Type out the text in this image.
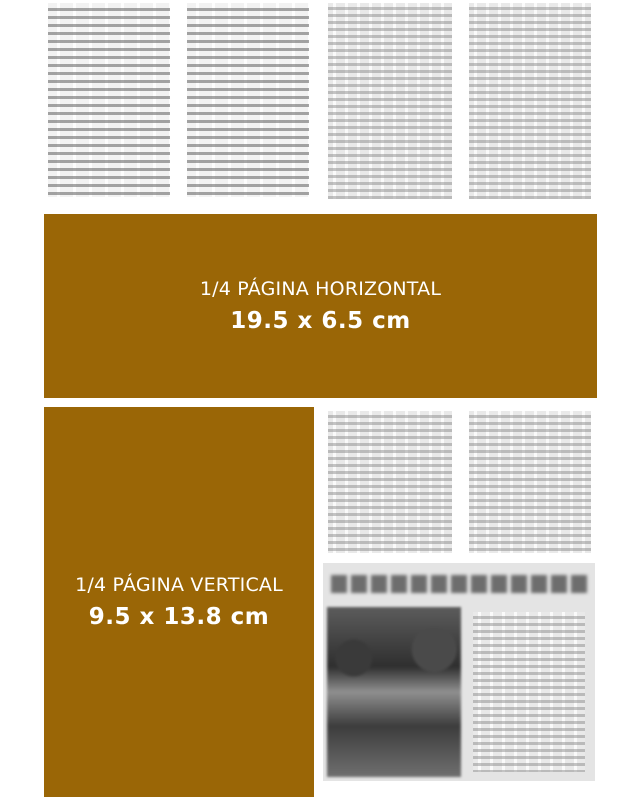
1/4 PÁGINA HORIZONTAL
19.5 x 6.5 cm
1/4 PÁGINA VERTICAL
9.5 x 13.8 cm
